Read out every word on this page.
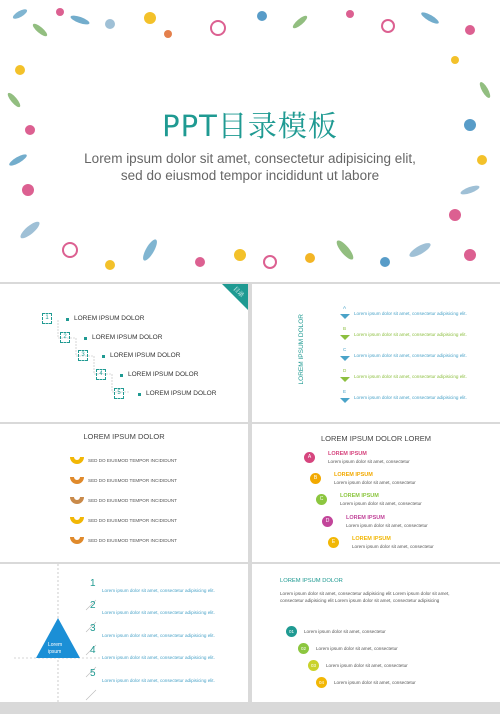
PPT目录模板
Lorem ipsum dolor sit amet, consectetur adipisicing elit,
sed do eiusmod tempor incididunt ut labore
目录
1	LOREM IPSUM DOLOR
2	LOREM IPSUM DOLOR
3	LOREM IPSUM DOLOR
4	LOREM IPSUM DOLOR
5	LOREM IPSUM DOLOR
LOREM IPSUM DOLOR
Lorem ipsum dolor sit amet, consectetur adipisicing elit.
Lorem ipsum dolor sit amet, consectetur adipisicing elit.
Lorem ipsum dolor sit amet, consectetur adipisicing elit.
Lorem ipsum dolor sit amet, consectetur adipisicing elit.
Lorem ipsum dolor sit amet, consectetur adipisicing elit.
A
B
C
D
E
LOREM IPSUM DOLOR
SED DO EIUSMOD TEMPOR INCIDIDUNT
SED DO EIUSMOD TEMPOR INCIDIDUNT
SED DO EIUSMOD TEMPOR INCIDIDUNT
SED DO EIUSMOD TEMPOR INCIDIDUNT
SED DO EIUSMOD TEMPOR INCIDIDUNT
LOREM IPSUM DOLOR LOREM
A	LOREM IPSUM
Lorem ipsum dolor sit amet, consectetur
B	LOREM IPSUM
Lorem ipsum dolor sit amet, consectetur
C	LOREM IPSUM
Lorem ipsum dolor sit amet, consectetur
D	LOREM IPSUM
Lorem ipsum dolor sit amet, consectetur
E	LOREM IPSUM
Lorem ipsum dolor sit amet, consectetur
Lorem
ipsum
1
Lorem ipsum dolor sit amet, consectetur adipisicing elit.
2
Lorem ipsum dolor sit amet, consectetur adipisicing elit.
3
Lorem ipsum dolor sit amet, consectetur adipisicing elit.
4
Lorem ipsum dolor sit amet, consectetur adipisicing elit.
5
Lorem ipsum dolor sit amet, consectetur adipisicing elit.
LOREM IPSUM DOLOR
Lorem ipsum dolor sit amet, consectetur adipisicing elit Lorem ipsum dolor sit amet,
consectetur adipisicing elit Lorem ipsum dolor sit amet, consectetur adipisicing
01	Lorem ipsum dolor sit amet, consectetur
02	Lorem ipsum dolor sit amet, consectetur
03	Lorem ipsum dolor sit amet, consectetur
04	Lorem ipsum dolor sit amet, consectetur
